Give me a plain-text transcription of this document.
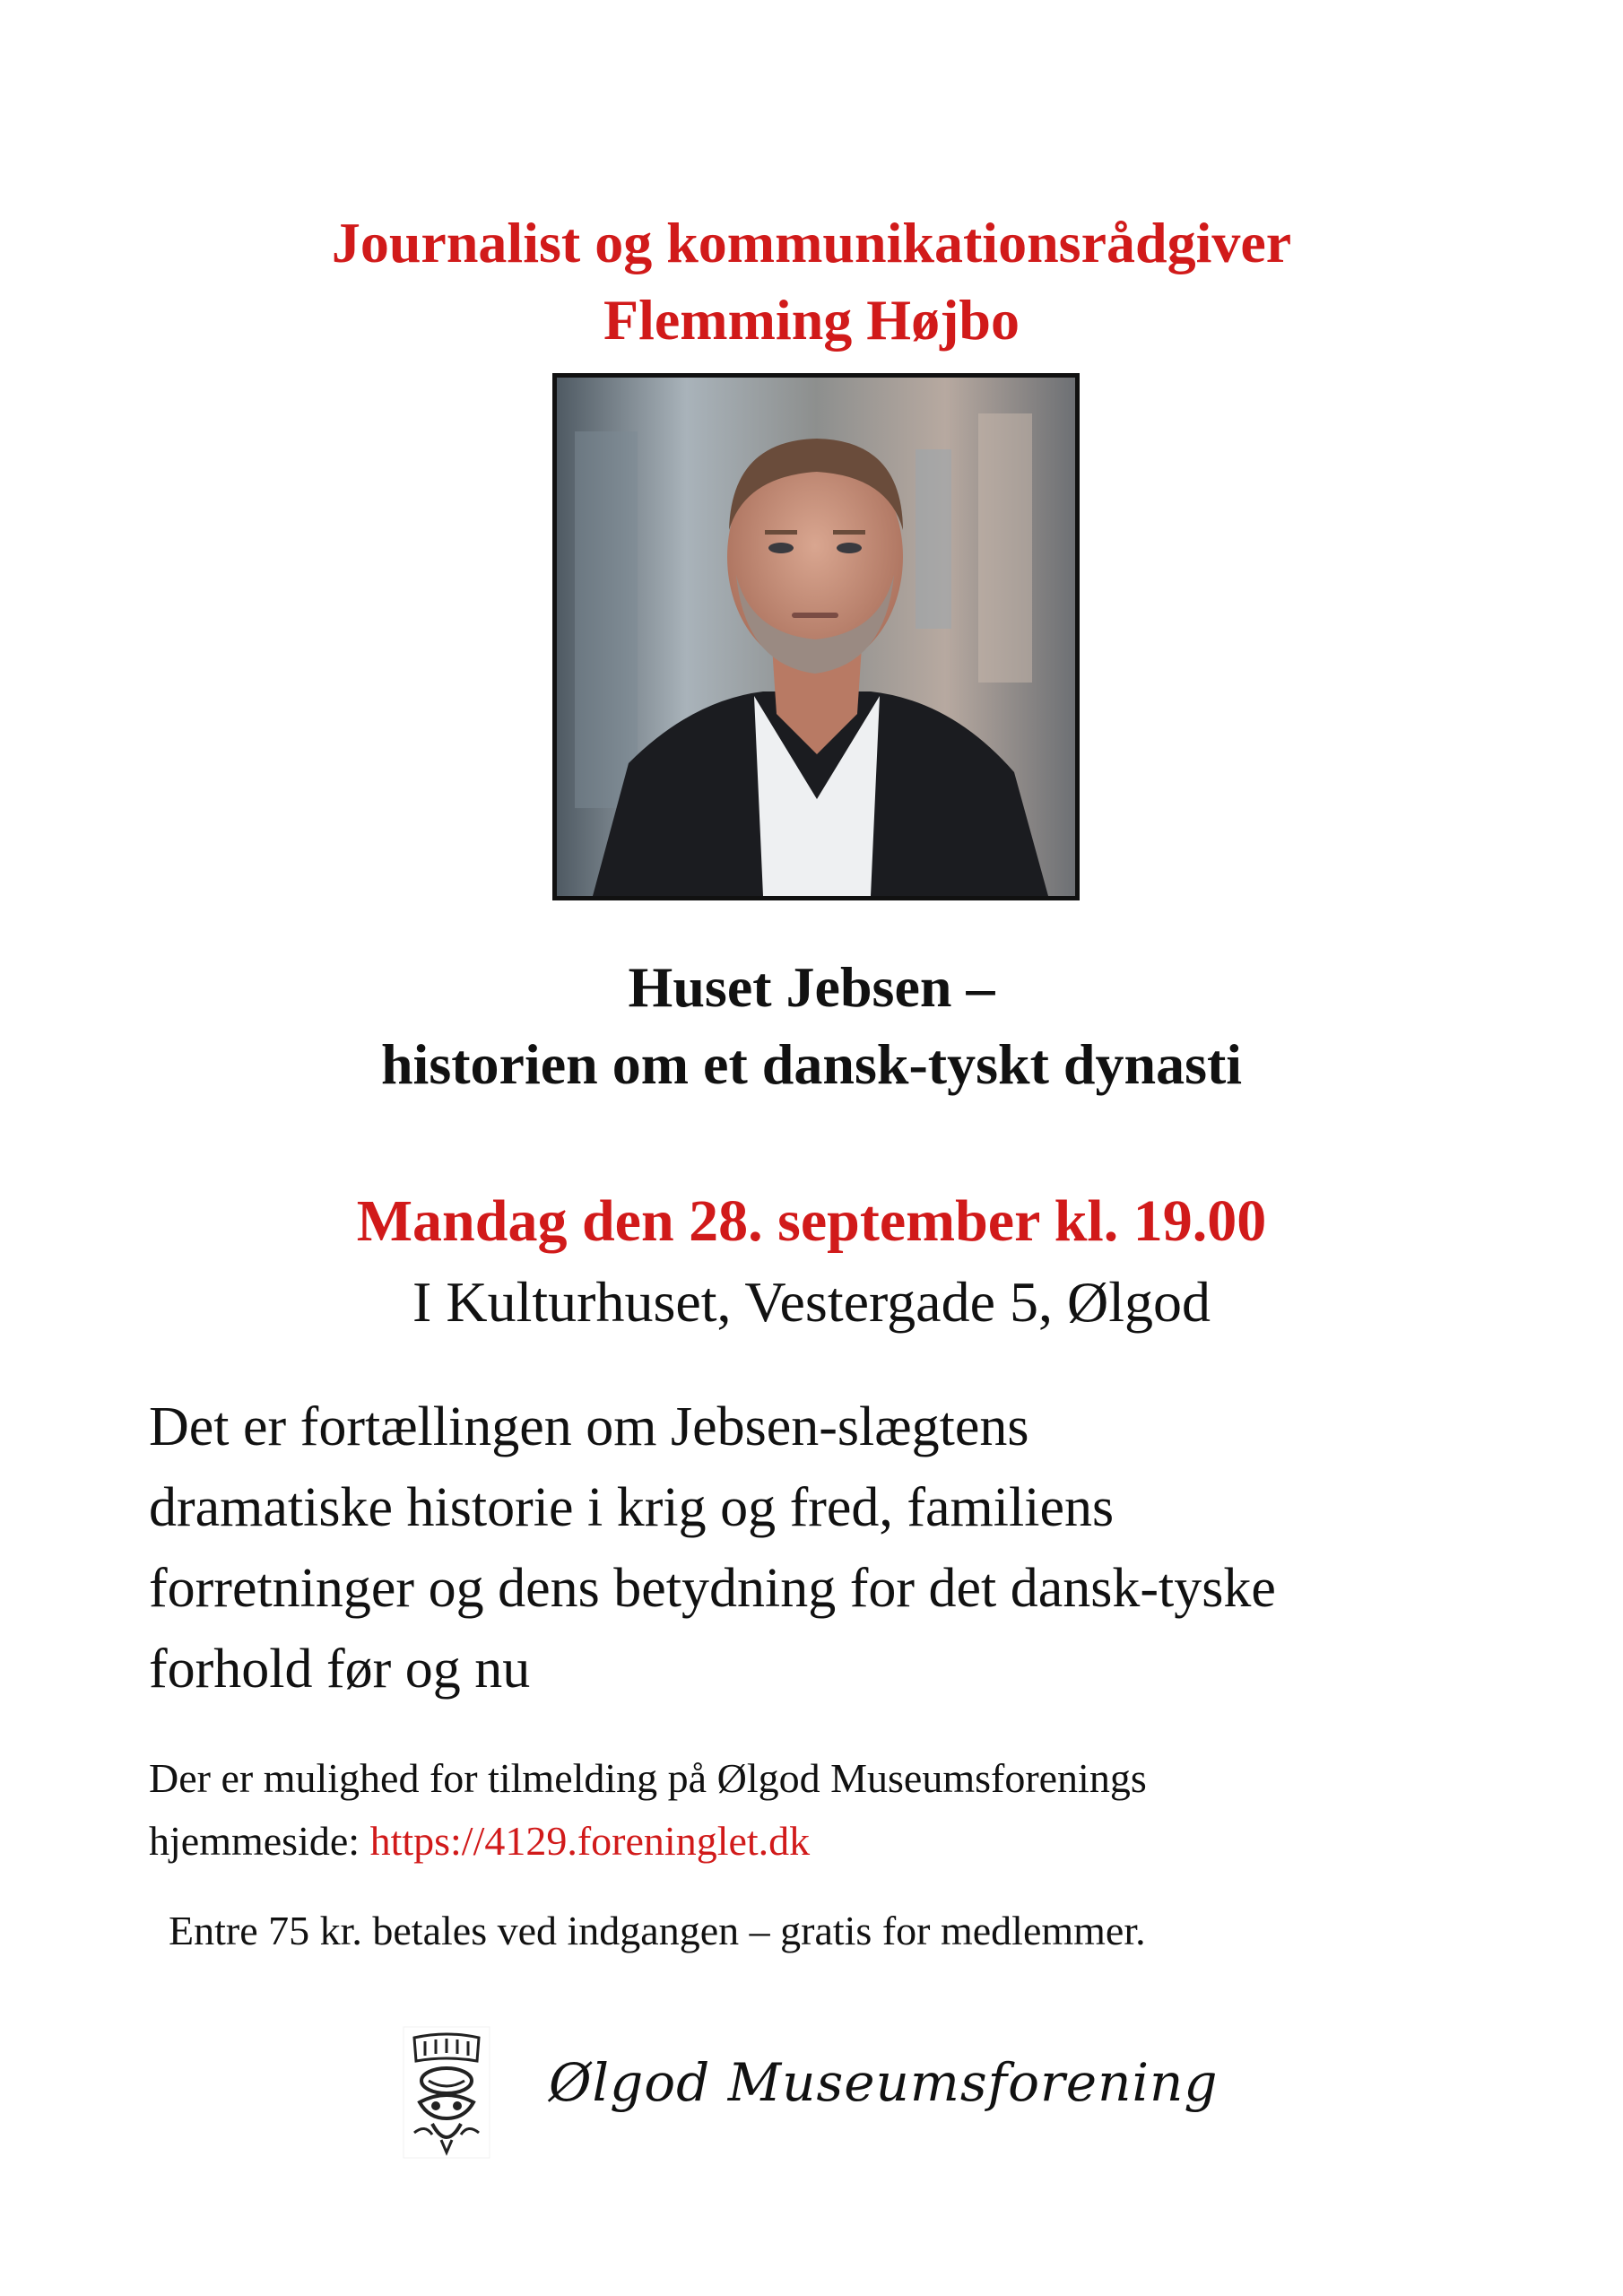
Journalist og kommunikationsrådgiver
Flemming Højbo
Huset Jebsen –
historien om et dansk-tyskt dynasti
Mandag den 28. september kl. 19.00
I Kulturhuset, Vestergade 5, Ølgod
Det er fortællingen om Jebsen-slægtens
dramatiske historie i krig og fred, familiens
forretninger og dens betydning for det dansk-tyske
forhold før og nu
Der er mulighed for tilmelding på Ølgod Museumsforenings
hjemmeside: https://4129.foreninglet.dk
Entre 75 kr. betales ved indgangen – gratis for medlemmer.
Ølgod Museumsforening
